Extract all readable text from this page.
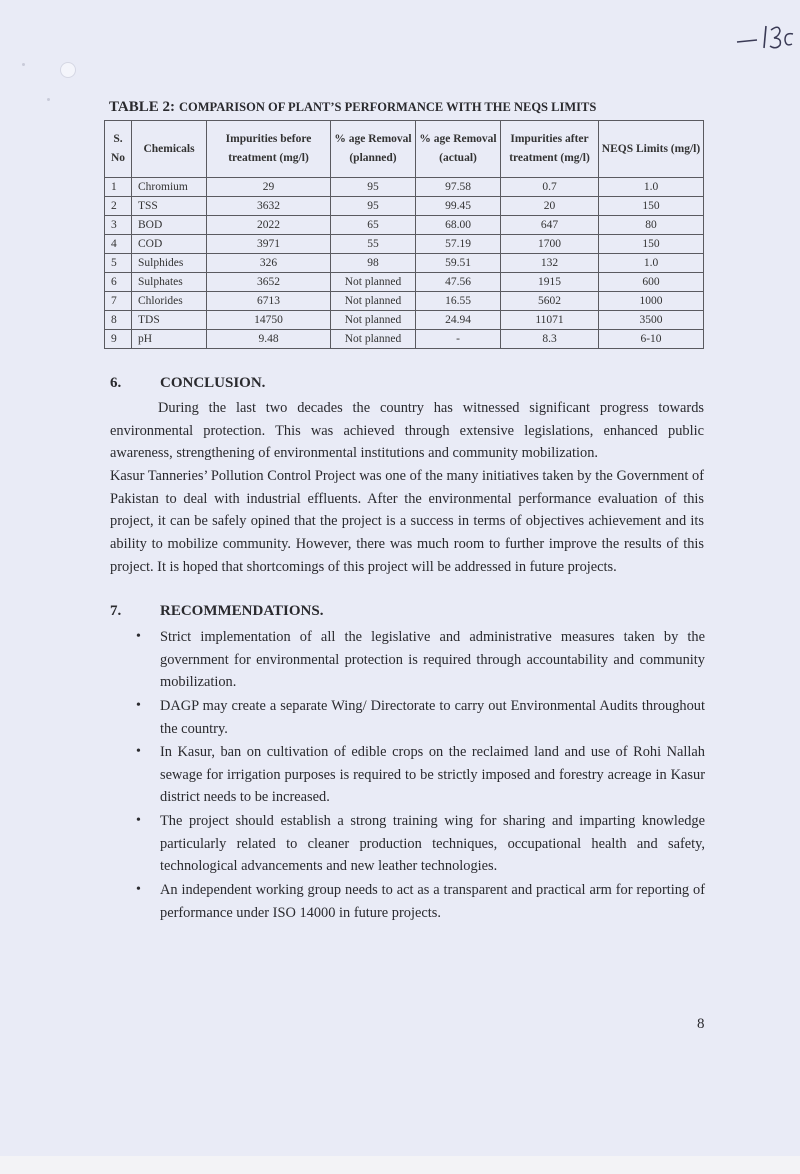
TABLE 2: COMPARISON OF PLANT’S PERFORMANCE WITH THE NEQS LIMITS
S. No	Chemicals	Impurities before treatment (mg/l)	% age Removal (planned)	% age Removal (actual)	Impurities after treatment (mg/l)	NEQS Limits (mg/l)
1	Chromium	29	95	97.58	0.7	1.0
2	TSS	3632	95	99.45	20	150
3	BOD	2022	65	68.00	647	80
4	COD	3971	55	57.19	1700	150
5	Sulphides	326	98	59.51	132	1.0
6	Sulphates	3652	Not planned	47.56	1915	600
7	Chlorides	6713	Not planned	16.55	5602	1000
8	TDS	14750	Not planned	24.94	11071	3500
9	pH	9.48	Not planned	-	8.3	6-10
6.	CONCLUSION.

During the last two decades the country has witnessed significant progress towards environmental protection. This was achieved through extensive legislations, enhanced public awareness, strengthening of environmental institutions and community mobilization.

Kasur Tanneries’ Pollution Control Project was one of the many initiatives taken by the Government of Pakistan to deal with industrial effluents. After the environmental performance evaluation of this project, it can be safely opined that the project is a success in terms of objectives achievement and its ability to mobilize community. However, there was much room to further improve the results of this project. It is hoped that shortcomings of this project will be addressed in future projects.

7.	RECOMMENDATIONS.
• Strict implementation of all the legislative and administrative measures taken by the government for environmental protection is required through accountability and community mobilization.
• DAGP may create a separate Wing/ Directorate to carry out Environmental Audits throughout the country.
• In Kasur, ban on cultivation of edible crops on the reclaimed land and use of Rohi Nallah sewage for irrigation purposes is required to be strictly imposed and forestry acreage in Kasur district needs to be increased.
• The project should establish a strong training wing for sharing and imparting knowledge particularly related to cleaner production techniques, occupational health and safety, technological advancements and new leather technologies.
• An independent working group needs to act as a transparent and practical arm for reporting of performance under ISO 14000 in future projects.
8
